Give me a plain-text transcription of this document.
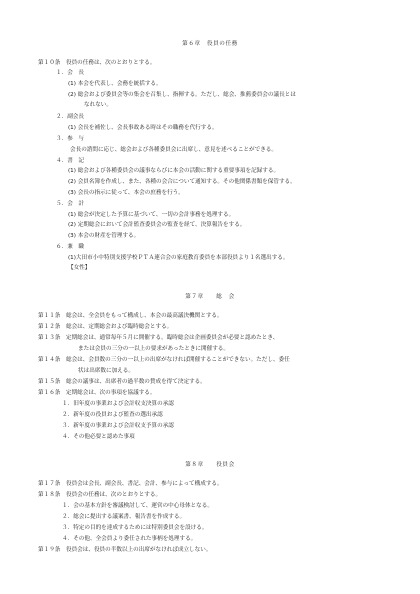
第６章　役員の任務
第１０条　役員の任務は、次のとおりとする。
１．会　長
(1) 本会を代表し、会務を統括する。
(2) 総会および委員会等の集会を召集し、指揮する。ただし、総会、推薦委員会の議長とは
なれない。
２．副会長
(1) 会長を補佐し、会長事故ある時はその職務を代行する。
３．参　与
会長の諮問に応じ、総会および各種委員会に出席し、意見を述べることができる。
４．書　記
(1) 総会および各種委員会の議事ならびに本会の活動に関する重要事項を記録する。
(2) 会員名簿を作成し、また、各種の会合について通知する。その他関係書類を保管する。
(3) 会長の指示に従って、本会の庶務を行う。
５．会　計
(1) 総会が決定した予算に基づいて、一切の会計事務を処理する。
(2) 定期総会において会計監査委員会の監査を経て、決算報告をする。
(3) 本会の財産を管理する。
６．兼　職
(1)大田市小中特別支援学校ＰＴＡ連合会の家庭教育委員を本部役員より１名選出する。
【女性】
第７章　　総　会
第１１条　総会は、全会員をもって構成し、本会の最高議決機関とする。
第１２条　総会は、定期総会および臨時総会とする。
第１３条　定期総会は、通常毎年５月に開催する。臨時総会は企画委員会が必要と認めたとき、
または会員の三分の一以上の要求があったときに開催する。
第１４条　総会は、会員数の三分の一以上の出席がなければ開催することができない。ただし、委任
状は出席数に加える。
第１５条　総会の議事は、出席者の過半数の賛成を得て決定する。
第１６条　定期総会は、次の事項を協議する。
１．旧年度の事業および会計収支決算の承認
２．新年度の役員および監査の選出承認
３．新年度の事業および会計収支予算の承認
４．その他必要と認めた事項
第８章　　役員会
第１７条　役員会は会長、副会長、書記、会計、参与によって構成する。
第１８条　役員会の任務は、次のとおりとする。
１．会の基本方針を審議検討して、運営の中心母体となる。
２．総会に提出する議案書、報告書を作成する。
３．特定の目的を達成するためには特別委員会を設ける。
４．その他、全会員より委任された事柄を処理する。
第１９条　役員会は、役員の半数以上の出席がなければ成立しない。
